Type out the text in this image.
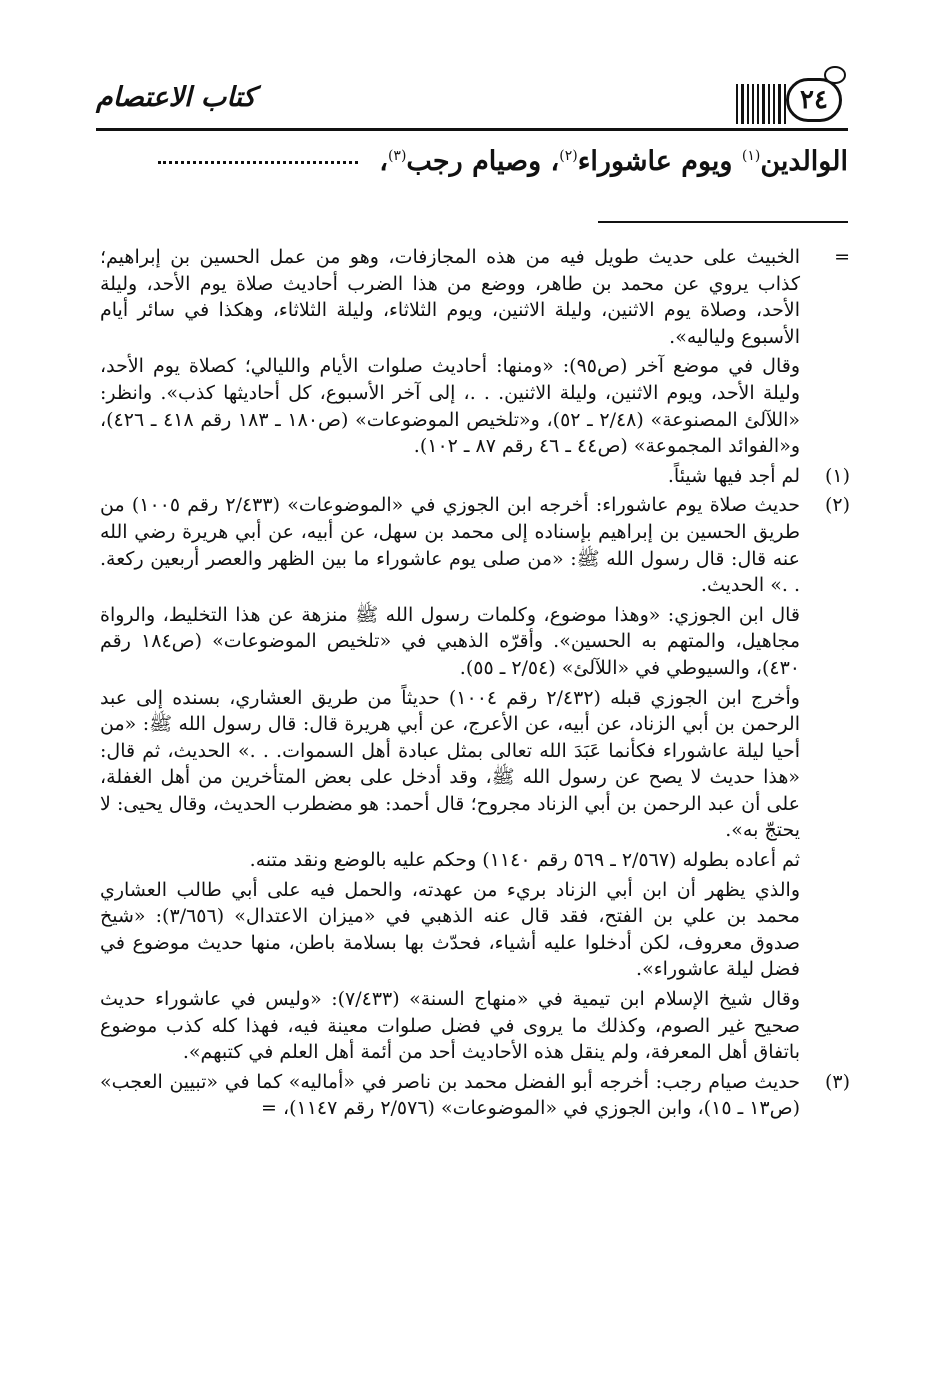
كتاب الاعتصام	٢٤
الوالدين$^{(١)}$ ويوم عاشوراء$^{(٢)}$، وصيام رجب$^{(٣)}$،

=
الخبيث على حديث طويل فيه من هذه المجازفات، وهو من عمل الحسين بن إبراهيم؛ كذاب يروي عن محمد بن طاهر، ووضع من هذا الضرب أحاديث صلاة يوم الأحد، وليلة الأحد، وصلاة يوم الاثنين، وليلة الاثنين، ويوم الثلاثاء، وليلة الثلاثاء، وهكذا في سائر أيام الأسبوع ولياليه».

وقال في موضع آخر (ص٩٥): «ومنها: أحاديث صلوات الأيام والليالي؛ كصلاة يوم الأحد، وليلة الأحد، ويوم الاثنين، وليلة الاثنين. . .، إلى آخر الأسبوع، كل أحاديثها كذب». وانظر: «اللآلئ المصنوعة» (٢/٤٨ ـ ٥٢)، و«تلخيص الموضوعات» (ص١٨٠ ـ ١٨٣ رقم ٤١٨ ـ ٤٢٦)، و«الفوائد المجموعة» (ص٤٤ ـ ٤٦ رقم ٨٧ ـ ١٠٢).

(١)
لم أجد فيها شيئاً.

(٢)
حديث صلاة يوم عاشوراء: أخرجه ابن الجوزي في «الموضوعات» (٢/٤٣٣ رقم ١٠٠٥) من طريق الحسين بن إبراهيم بإسناده إلى محمد بن سهل، عن أبيه، عن أبي هريرة رضي الله عنه قال: قال رسول الله ﷺ: «من صلى يوم عاشوراء ما بين الظهر والعصر أربعين ركعة. . .» الحديث.

قال ابن الجوزي: «وهذا موضوع، وكلمات رسول الله ﷺ منزهة عن هذا التخليط، والرواة مجاهيل، والمتهم به الحسين». وأقرّه الذهبي في «تلخيص الموضوعات» (ص١٨٤ رقم ٤٣٠)، والسيوطي في «اللآلئ» (٢/٥٤ ـ ٥٥).

وأخرج ابن الجوزي قبله (٢/٤٣٢ رقم ١٠٠٤) حديثاً من طريق العشاري، بسنده إلى عبد الرحمن بن أبي الزناد، عن أبيه، عن الأعرج، عن أبي هريرة قال: قال رسول الله ﷺ: «من أحيا ليلة عاشوراء فكأنما عَبَدَ الله تعالى بمثل عبادة أهل السموات. . .» الحديث، ثم قال: «هذا حديث لا يصح عن رسول الله ﷺ، وقد أدخل على بعض المتأخرين من أهل الغفلة، على أن عبد الرحمن بن أبي الزناد مجروح؛ قال أحمد: هو مضطرب الحديث، وقال يحيى: لا يحتجّ به».

ثم أعاده بطوله (٢/٥٦٧ ـ ٥٦٩ رقم ١١٤٠) وحكم عليه بالوضع ونقد متنه.

والذي يظهر أن ابن أبي الزناد بريء من عهدته، والحمل فيه على أبي طالب العشاري محمد بن علي بن الفتح، فقد قال عنه الذهبي في «ميزان الاعتدال» (٣/٦٥٦): «شيخ صدوق معروف، لكن أدخلوا عليه أشياء، فحدّث بها بسلامة باطن، منها حديث موضوع في فضل ليلة عاشوراء».

وقال شيخ الإسلام ابن تيمية في «منهاج السنة» (٧/٤٣٣): «وليس في عاشوراء حديث صحيح غير الصوم، وكذلك ما يروى في فضل صلوات معينة فيه، فهذا كله كذب موضوع باتفاق أهل المعرفة، ولم ينقل هذه الأحاديث أحد من أئمة أهل العلم في كتبهم».

(٣)
حديث صيام رجب: أخرجه أبو الفضل محمد بن ناصر في «أماليه» كما في «تبيين العجب» (ص١٣ ـ ١٥)، وابن الجوزي في «الموضوعات» (٢/٥٧٦ رقم ١١٤٧)، =
